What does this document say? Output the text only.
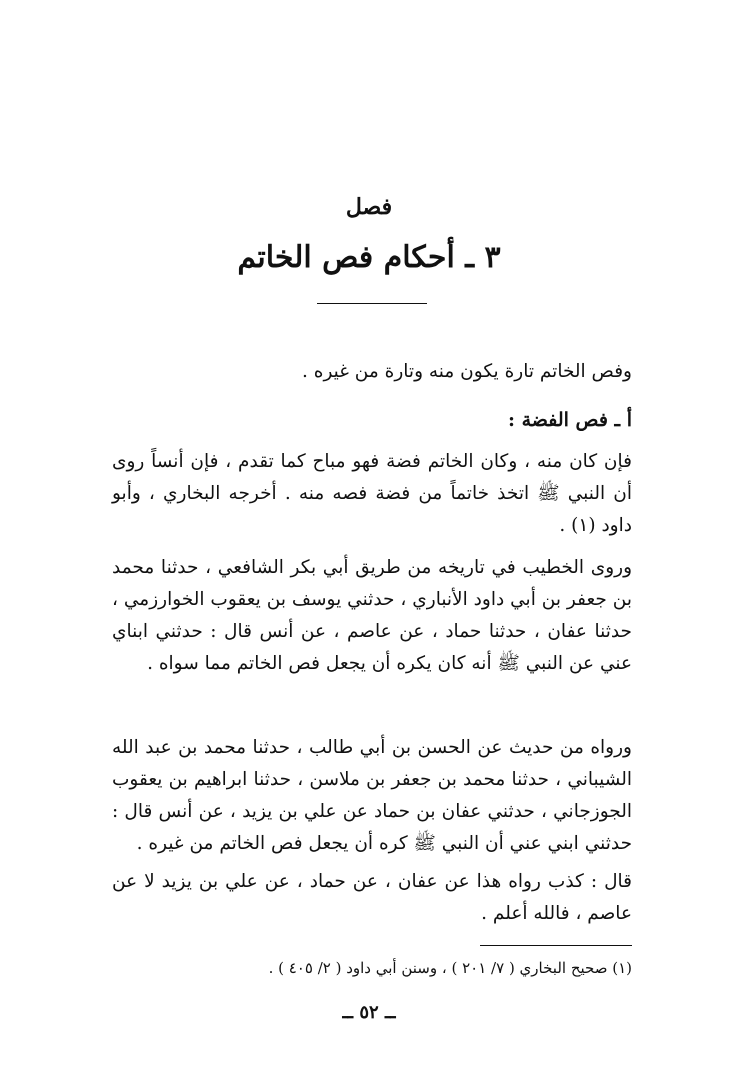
فصل
٣ ـ أحكام فص الخاتم
وفص الخاتم تارة يكون منه وتارة من غيره .
أ ـ فص الفضة :
فإن كان منه ، وكان الخاتم فضة فهو مباح كما تقدم ، فإن أنساً روى أن النبي ﷺ اتخذ خاتماً من فضة فصه منه . أخرجه البخاري ، وأبو داود (١) .
وروى الخطيب في تاريخه من طريق أبي بكر الشافعي ، حدثنا محمد بن جعفر بن أبي داود الأنباري ، حدثني يوسف بن يعقوب الخوارزمي ، حدثنا عفان ، حدثنا حماد ، عن عاصم ، عن أنس قال : حدثني ابناي عني عن النبي ﷺ أنه كان يكره أن يجعل فص الخاتم مما سواه .
ورواه من حديث عن الحسن بن أبي طالب ، حدثنا محمد بن عبد الله الشيباني ، حدثنا محمد بن جعفر بن ملاسن ، حدثنا ابراهيم بن يعقوب الجوزجاني ، حدثني عفان بن حماد عن علي بن يزيد ، عن أنس قال : حدثني ابني عني أن النبي ﷺ كره أن يجعل فص الخاتم من غيره .
قال : كذب رواه هذا عن عفان ، عن حماد ، عن علي بن يزيد لا عن عاصم ، فالله أعلم .
(١) صحيح البخاري ( ٧/ ٢٠١ ) ، وسنن أبي داود ( ٢/ ٤٠٥ ) .
ــ ٥٢ ــ
